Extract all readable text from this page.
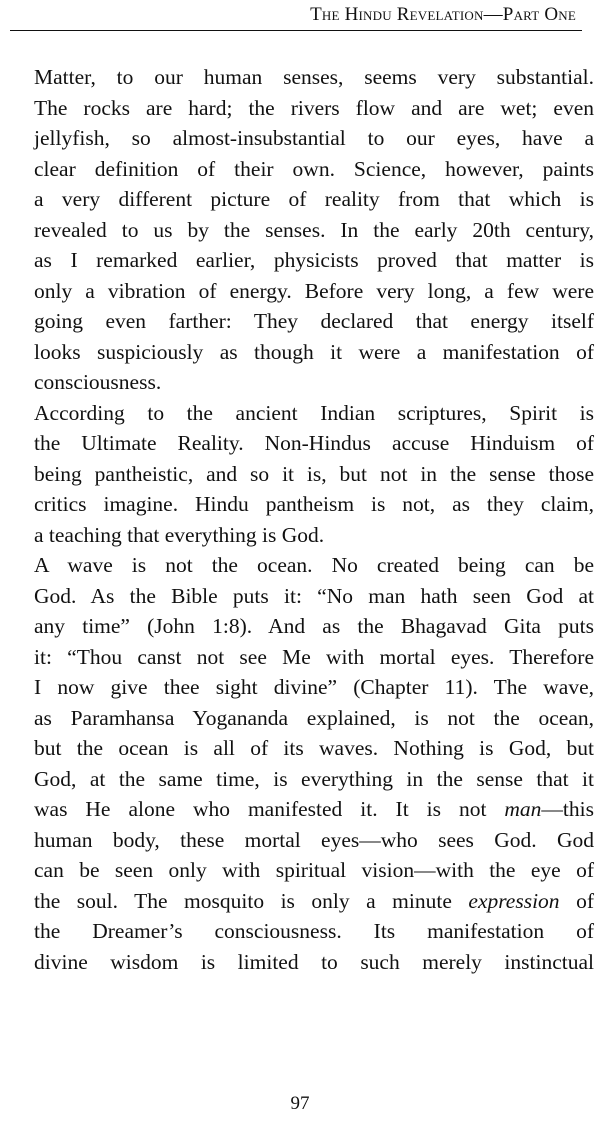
The Hindu Revelation—Part One

Matter, to our human senses, seems very substantial.
The rocks are hard; the rivers flow and are wet; even
jellyfish, so almost-insubstantial to our eyes, have a
clear definition of their own. Science, however, paints
a very different picture of reality from that which is
revealed to us by the senses. In the early 20th century,
as I remarked earlier, physicists proved that matter is
only a vibration of energy. Before very long, a few were
going even farther: They declared that energy itself
looks suspiciously as though it were a manifestation of
consciousness.

According to the ancient Indian scriptures, Spirit is
the Ultimate Reality. Non-Hindus accuse Hinduism of
being pantheistic, and so it is, but not in the sense those
critics imagine. Hindu pantheism is not, as they claim,
a teaching that everything is God.

A wave is not the ocean. No created being can be
God. As the Bible puts it: “No man hath seen God at
any time” (John 1:8). And as the Bhagavad Gita puts
it: “Thou canst not see Me with mortal eyes. Therefore
I now give thee sight divine” (Chapter 11). The wave,
as Paramhansa Yogananda explained, is not the ocean,
but the ocean is all of its waves. Nothing is God, but
God, at the same time, is everything in the sense that it
was He alone who manifested it. It is not man—this
human body, these mortal eyes—who sees God. God
can be seen only with spiritual vision—with the eye of
the soul. The mosquito is only a minute expression of
the Dreamer’s consciousness. Its manifestation of
divine wisdom is limited to such merely instinctual

97
